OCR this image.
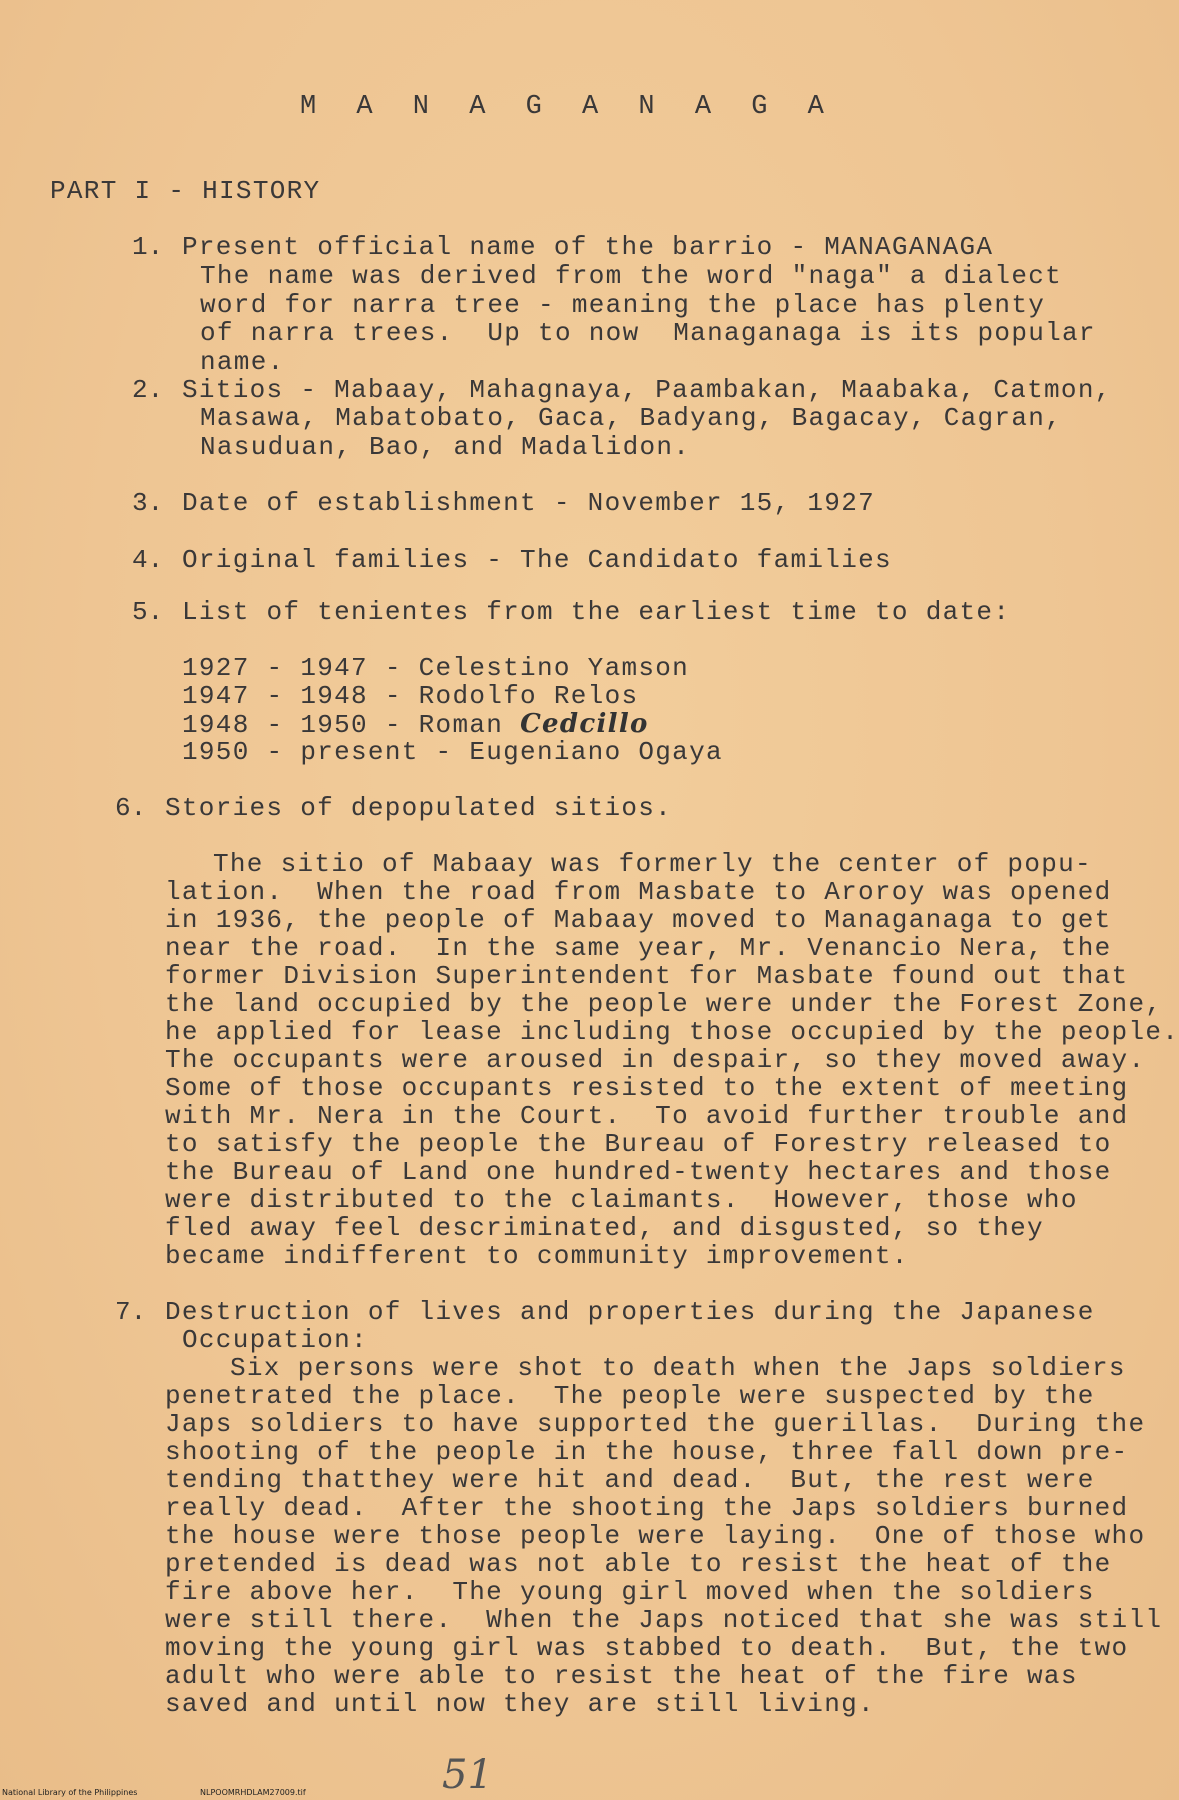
M A N A G A N A G A
PART I - HISTORY
1. Present official name of the barrio - MANAGANAGA
The name was derived from the word "naga" a dialect
word for narra tree - meaning the place has plenty
of narra trees.  Up to now  Managanaga is its popular
name.
2. Sitios - Mabaay, Mahagnaya, Paambakan, Maabaka, Catmon,
Masawa, Mabatobato, Gaca, Badyang, Bagacay, Cagran,
Nasuduan, Bao, and Madalidon.
3. Date of establishment - November 15, 1927
4. Original families - The Candidato families
5. List of tenientes from the earliest time to date:
1927 - 1947 - Celestino Yamson
1947 - 1948 - Rodolfo Relos
1948 - 1950 - Roman Cedcillo
1950 - present - Eugeniano Ogaya
6. Stories of depopulated sitios.
The sitio of Mabaay was formerly the center of popu-
lation.  When the road from Masbate to Aroroy was opened
in 1936, the people of Mabaay moved to Managanaga to get
near the road.  In the same year, Mr. Venancio Nera, the
former Division Superintendent for Masbate found out that
the land occupied by the people were under the Forest Zone,
he applied for lease including those occupied by the people.
The occupants were aroused in despair, so they moved away.
Some of those occupants resisted to the extent of meeting
with Mr. Nera in the Court.  To avoid further trouble and
to satisfy the people the Bureau of Forestry released to
the Bureau of Land one hundred-twenty hectares and those
were distributed to the claimants.  However, those who
fled away feel descriminated, and disgusted, so they
became indifferent to community improvement.
7. Destruction of lives and properties during the Japanese
Occupation:
Six persons were shot to death when the Japs soldiers
penetrated the place.  The people were suspected by the
Japs soldiers to have supported the guerillas.  During the
shooting of the people in the house, three fall down pre-
tending thatthey were hit and dead.  But, the rest were
really dead.  After the shooting the Japs soldiers burned
the house were those people were laying.  One of those who
pretended is dead was not able to resist the heat of the
fire above her.  The young girl moved when the soldiers
were still there.  When the Japs noticed that she was still
moving the young girl was stabbed to death.  But, the two
adult who were able to resist the heat of the fire was
saved and until now they are still living.
51
National Library of the Philippines	NLPOOMRHDLAM27009.tif
